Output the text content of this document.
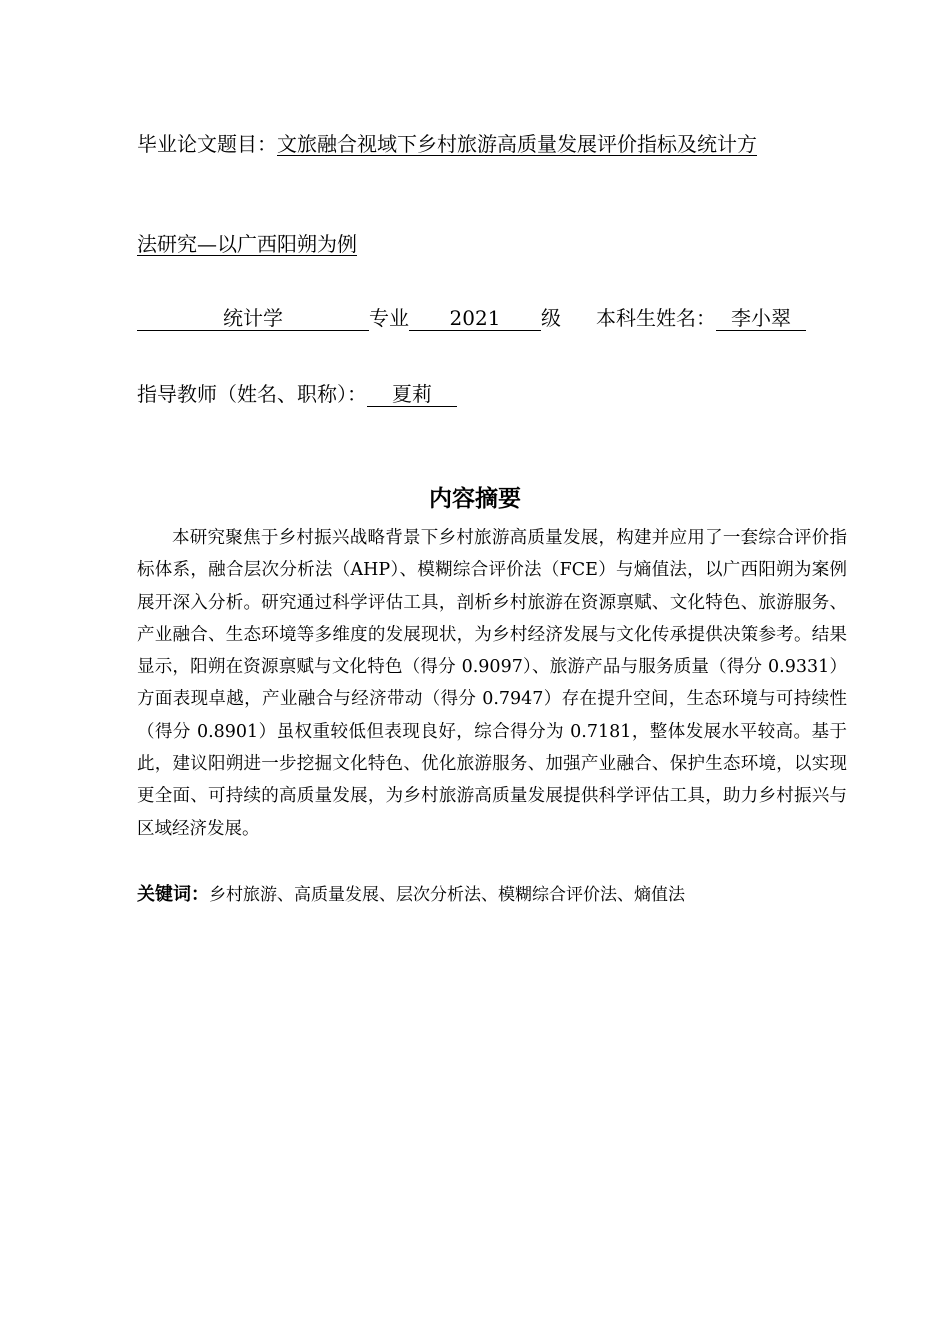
毕业论文题目：文旅融合视域下乡村旅游高质量发展评价指标及统计方
法研究—以广西阳朔为例
统计学	专业 2021 级 本科生姓名： 李小翠
指导教师（姓名、职称）： 夏莉
内容摘要

本研究聚焦于乡村振兴战略背景下乡村旅游高质量发展，构建并应用了一套综合评价指标体系，融合层次分析法（AHP）、模糊综合评价法（FCE）与熵值法，以广西阳朔为案例展开深入分析。研究通过科学评估工具，剖析乡村旅游在资源禀赋、文化特色、旅游服务、产业融合、生态环境等多维度的发展现状，为乡村经济发展与文化传承提供决策参考。结果显示，阳朔在资源禀赋与文化特色（得分 0.9097）、旅游产品与服务质量（得分 0.9331）方面表现卓越，产业融合与经济带动（得分 0.7947）存在提升空间，生态环境与可持续性（得分 0.8901）虽权重较低但表现良好，综合得分为 0.7181，整体发展水平较高。基于此，建议阳朔进一步挖掘文化特色、优化旅游服务、加强产业融合、保护生态环境，以实现更全面、可持续的高质量发展，为乡村旅游高质量发展提供科学评估工具，助力乡村振兴与区域经济发展。

关键词：乡村旅游、高质量发展、层次分析法、模糊综合评价法、熵值法
